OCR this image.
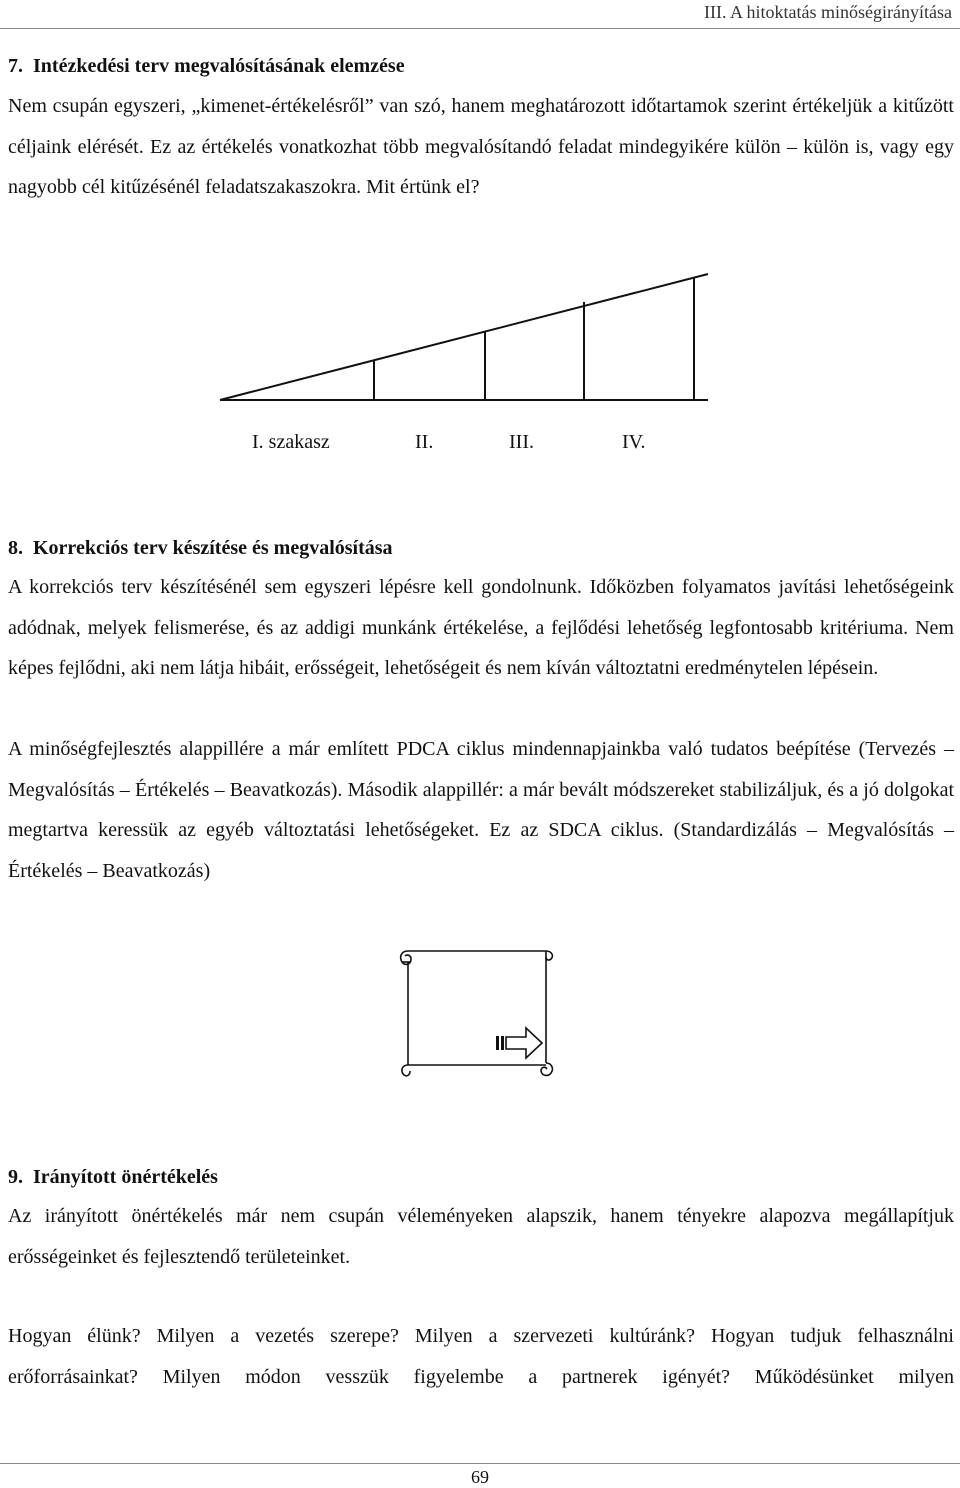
III. A hitoktatás minőségirányítása
7.  Intézkedési terv megvalósításának elemzése

Nem csupán egyszeri, „kimenet-értékelésről” van szó, hanem meghatározott időtartamok szerint értékeljük a kitűzött céljaink elérését. Ez az értékelés vonatkozhat több megvalósítandó feladat mindegyikére külön – külön is, vagy egy nagyobb cél kitűzésénél feladatszakaszokra. Mit értünk el?

I. szakasz	II.	III.	IV.
8.  Korrekciós terv készítése és megvalósítása

A korrekciós terv készítésénél sem egyszeri lépésre kell gondolnunk. Időközben folyamatos javítási lehetőségeink adódnak, melyek felismerése, és az addigi munkánk értékelése, a fejlődési lehetőség legfontosabb kritériuma. Nem képes fejlődni, aki nem látja hibáit, erősségeit, lehetőségeit és nem kíván változtatni eredménytelen lépésein.

A minőségfejlesztés alappillére a már említett PDCA ciklus mindennapjainkba való tudatos beépítése (Tervezés – Megvalósítás – Értékelés – Beavatkozás). Második alappillér: a már bevált módszereket stabilizáljuk, és a jó dolgokat megtartva keressük az egyéb változtatási lehetőségeket. Ez az SDCA ciklus. (Standardizálás – Megvalósítás – Értékelés – Beavatkozás)

9.  Irányított önértékelés

Az irányított önértékelés már nem csupán véleményeken alapszik, hanem tényekre alapozva megállapítjuk erősségeinket és fejlesztendő területeinket.

Hogyan élünk? Milyen a vezetés szerepe? Milyen a szervezeti kultúránk? Hogyan tudjuk felhasználni erőforrásainkat? Milyen módon vesszük figyelembe a partnerek igényét? Működésünket milyen

69
